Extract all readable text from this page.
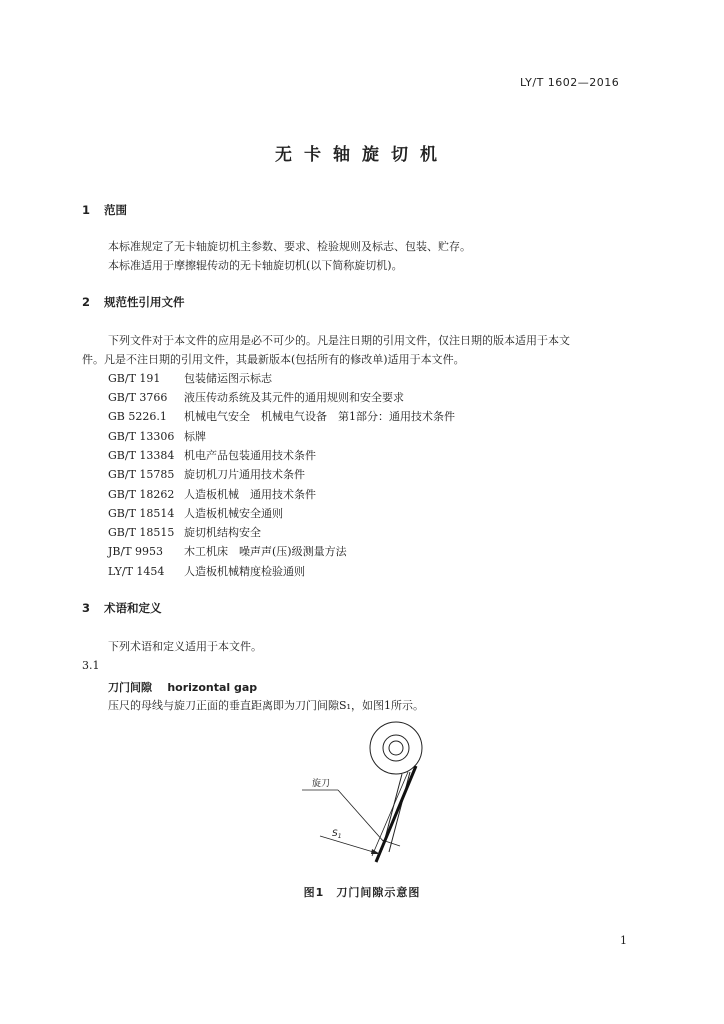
LY/T 1602—2016
无卡轴旋切机
1 范围
本标准规定了无卡轴旋切机主参数、要求、检验规则及标志、包装、贮存。
本标准适用于摩擦辊传动的无卡轴旋切机(以下简称旋切机)。
2 规范性引用文件
下列文件对于本文件的应用是必不可少的。凡是注日期的引用文件，仅注日期的版本适用于本文
件。凡是不注日期的引用文件，其最新版本(包括所有的修改单)适用于本文件。
GB/T 191 包装储运图示标志
GB/T 3766 液压传动系统及其元件的通用规则和安全要求
GB 5226.1 机械电气安全　机械电气设备　第1部分：通用技术条件
GB/T 13306 标牌
GB/T 13384 机电产品包装通用技术条件
GB/T 15785 旋切机刀片通用技术条件
GB/T 18262 人造板机械　通用技术条件
GB/T 18514 人造板机械安全通则
GB/T 18515 旋切机结构安全
JB/T 9953 木工机床　噪声声(压)级测量方法
LY/T 1454 人造板机械精度检验通则
3 术语和定义
下列术语和定义适用于本文件。
3.1
刀门间隙 horizontal gap
压尺的母线与旋刀正面的垂直距离即为刀门间隙S₁，如图1所示。
旋刀
$S_1$
图1　刀门间隙示意图
1
